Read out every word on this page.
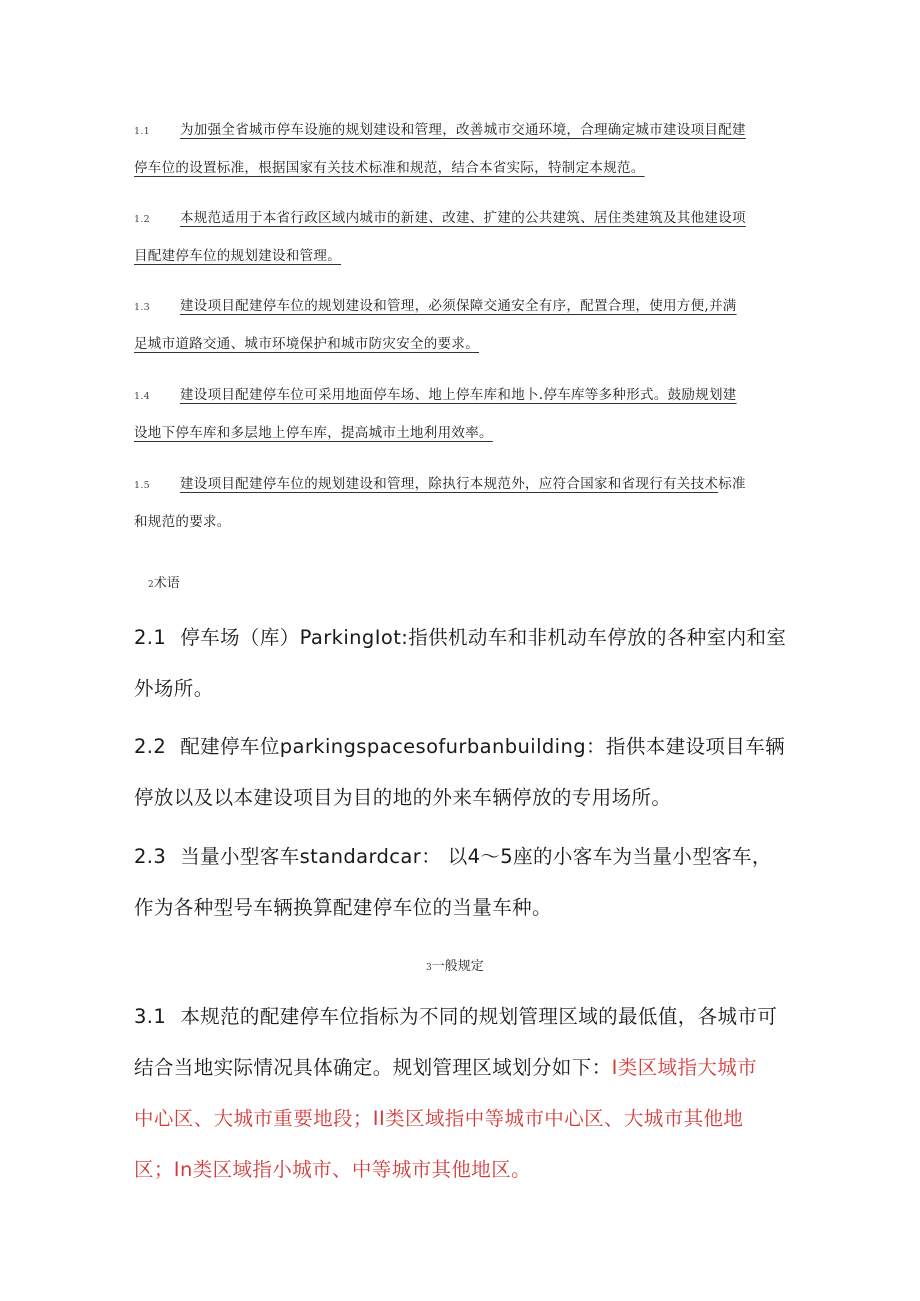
1.1 为加强全省城市停车设施的规划建设和管理，改善城市交通环境，合理确定城市建设项目配建
停车位的设置标准，根据国家有关技术标准和规范，结合本省实际，特制定本规范。
1.2 本规范适用于本省行政区域内城市的新建、改建、扩建的公共建筑、居住类建筑及其他建设项
目配建停车位的规划建设和管理。
1.3 建设项目配建停车位的规划建设和管理，必须保障交通安全有序，配置合理，使用方便,并满
足城市道路交通、城市环境保护和城市防灾安全的要求。
1.4 建设项目配建停车位可采用地面停车场、地上停车库和地卜.停车库等多种形式。鼓励规划建
设地下停车库和多层地上停车库，提高城市土地利用效率。
1.5 建设项目配建停车位的规划建设和管理，除执行本规范外，应符合国家和省现行有关技术标准
和规范的要求。
2术语
2.1 停车场（库）ParkingIot:指供机动车和非机动车停放的各种室内和室
外场所。
2.2 配建停车位parkingspacesofurbanbuilding：指供本建设项目车辆
停放以及以本建设项目为目的地的外来车辆停放的专用场所。
2.3 当量小型客车standardcar： 以4～5座的小客车为当量小型客车，
作为各种型号车辆换算配建停车位的当量车种。
3一般规定
3.1 本规范的配建停车位指标为不同的规划管理区域的最低值，各城市可
结合当地实际情况具体确定。规划管理区域划分如下：I类区域指大城市
中心区、大城市重要地段；II类区域指中等城市中心区、大城市其他地
区；In类区域指小城市、中等城市其他地区。
